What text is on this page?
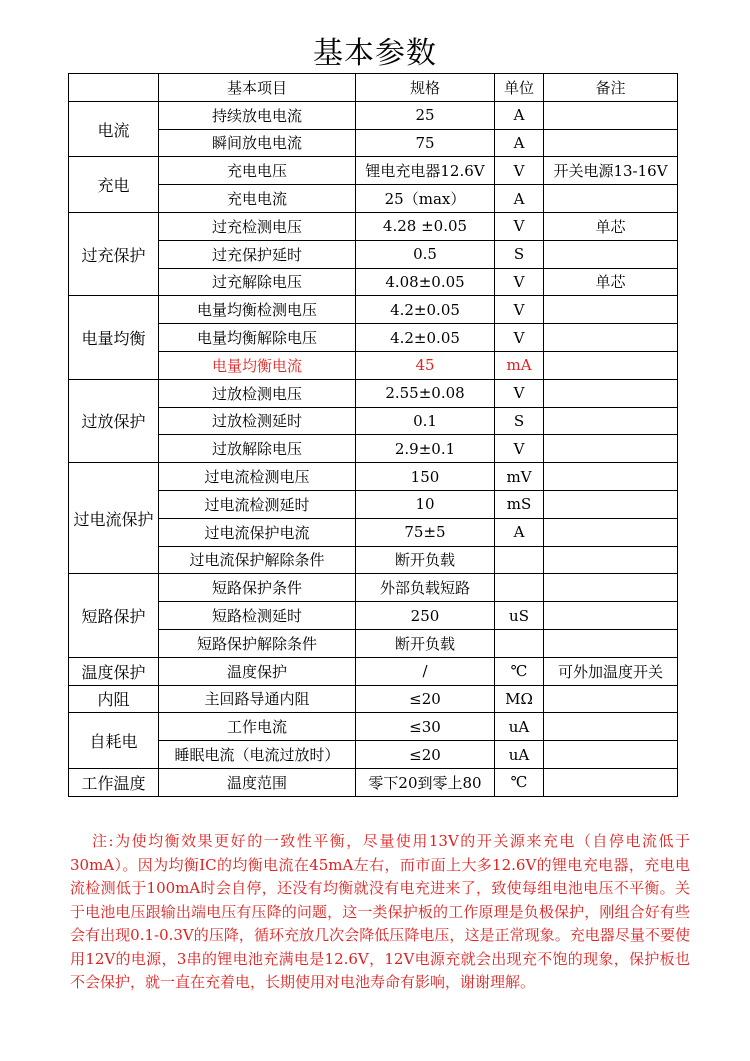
基本参数
	基本项目	规格	单位	备注
电流	持续放电电流	25	A	
	瞬间放电电流	75	A	
充电	充电电压	锂电充电器12.6V	V	开关电源13-16V
	充电电流	25（max）	A	
过充保护	过充检测电压	4.28 ±0.05	V	单芯
	过充保护延时	0.5	S	
	过充解除电压	4.08±0.05	V	单芯
电量均衡	电量均衡检测电压	4.2±0.05	V	
	电量均衡解除电压	4.2±0.05	V	
	电量均衡电流	45	mA	
过放保护	过放检测电压	2.55±0.08	V	
	过放检测延时	0.1	S	
	过放解除电压	2.9±0.1	V	
过电流保护	过电流检测电压	150	mV	
	过电流检测延时	10	mS	
	过电流保护电流	75±5	A	
	过电流保护解除条件	断开负载		
短路保护	短路保护条件	外部负载短路		
	短路检测延时	250	uS	
	短路保护解除条件	断开负载		
温度保护	温度保护	/	℃	可外加温度开关
内阻	主回路导通内阻	≤20	MΩ	
自耗电	工作电流	≤30	uA	
	睡眠电流（电流过放时）	≤20	uA	
工作温度	温度范围	零下20到零上80	℃	
注:为使均衡效果更好的一致性平衡，尽量使用13V的开关源来充电（自停电流低于30mA）。因为均衡IC的均衡电流在45mA左右，而市面上大多12.6V的锂电充电器，充电电流检测低于100mA时会自停，还没有均衡就没有电充进来了，致使每组电池电压不平衡。关于电池电压跟输出端电压有压降的问题，这一类保护板的工作原理是负极保护，刚组合好有些会有出现0.1-0.3V的压降，循环充放几次会降低压降电压，这是正常现象。充电器尽量不要使用12V的电源，3串的锂电池充满电是12.6V，12V电源充就会出现充不饱的现象，保护板也不会保护，就一直在充着电，长期使用对电池寿命有影响，谢谢理解。
